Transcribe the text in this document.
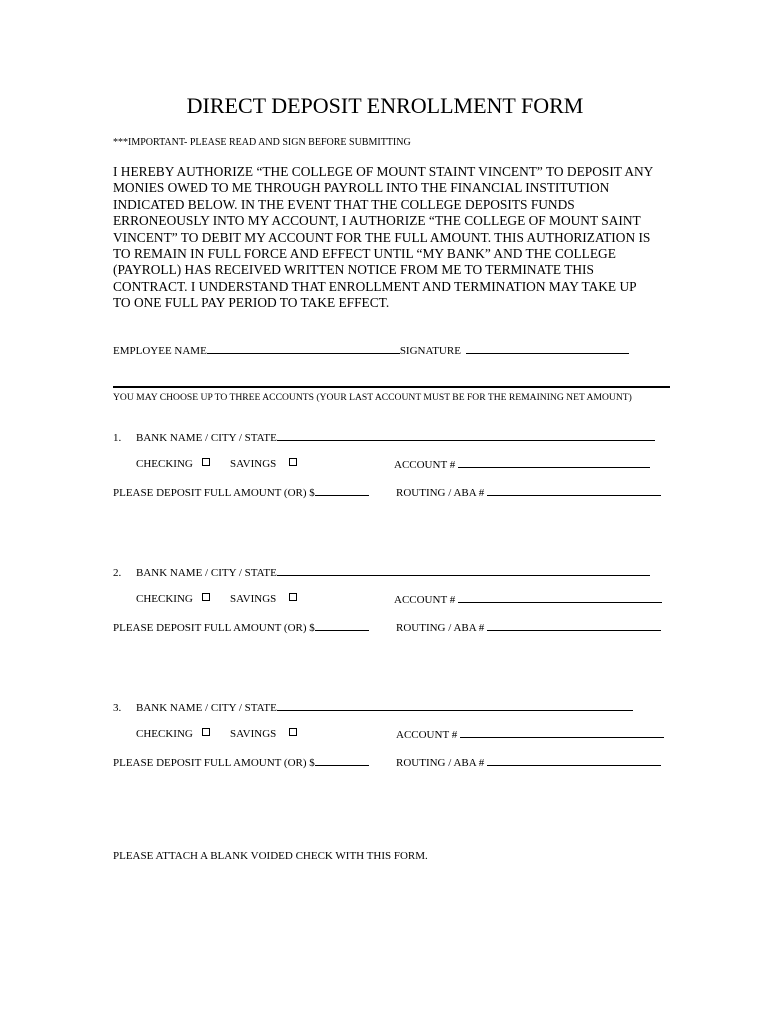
DIRECT DEPOSIT ENROLLMENT FORM
***IMPORTANT- PLEASE READ AND SIGN BEFORE SUBMITTING
I HEREBY AUTHORIZE “THE COLLEGE OF MOUNT STAINT VINCENT” TO DEPOSIT ANY
MONIES OWED TO ME THROUGH PAYROLL INTO THE FINANCIAL INSTITUTION
INDICATED BELOW. IN THE EVENT THAT THE COLLEGE DEPOSITS FUNDS
ERRONEOUSLY INTO MY ACCOUNT, I AUTHORIZE “THE COLLEGE OF MOUNT SAINT
VINCENT” TO DEBIT MY ACCOUNT FOR THE FULL AMOUNT. THIS AUTHORIZATION IS
TO REMAIN IN FULL FORCE AND EFFECT UNTIL “MY BANK” AND THE COLLEGE
(PAYROLL) HAS RECEIVED WRITTEN NOTICE FROM ME TO TERMINATE THIS
CONTRACT. I UNDERSTAND THAT ENROLLMENT AND TERMINATION MAY TAKE UP
TO ONE FULL PAY PERIOD TO TAKE EFFECT.
EMPLOYEE NAME	SIGNATURE
YOU MAY CHOOSE UP TO THREE ACCOUNTS (YOUR LAST ACCOUNT MUST BE FOR THE REMAINING NET AMOUNT)
1. BANK NAME / CITY / STATE
CHECKING	SAVINGS	ACCOUNT #
PLEASE DEPOSIT FULL AMOUNT (OR) $	ROUTING / ABA #
2. BANK NAME / CITY / STATE
CHECKING	SAVINGS	ACCOUNT #
PLEASE DEPOSIT FULL AMOUNT (OR) $	ROUTING / ABA #
3. BANK NAME / CITY / STATE
CHECKING	SAVINGS	ACCOUNT #
PLEASE DEPOSIT FULL AMOUNT (OR) $	ROUTING / ABA #
PLEASE ATTACH A BLANK VOIDED CHECK WITH THIS FORM.
